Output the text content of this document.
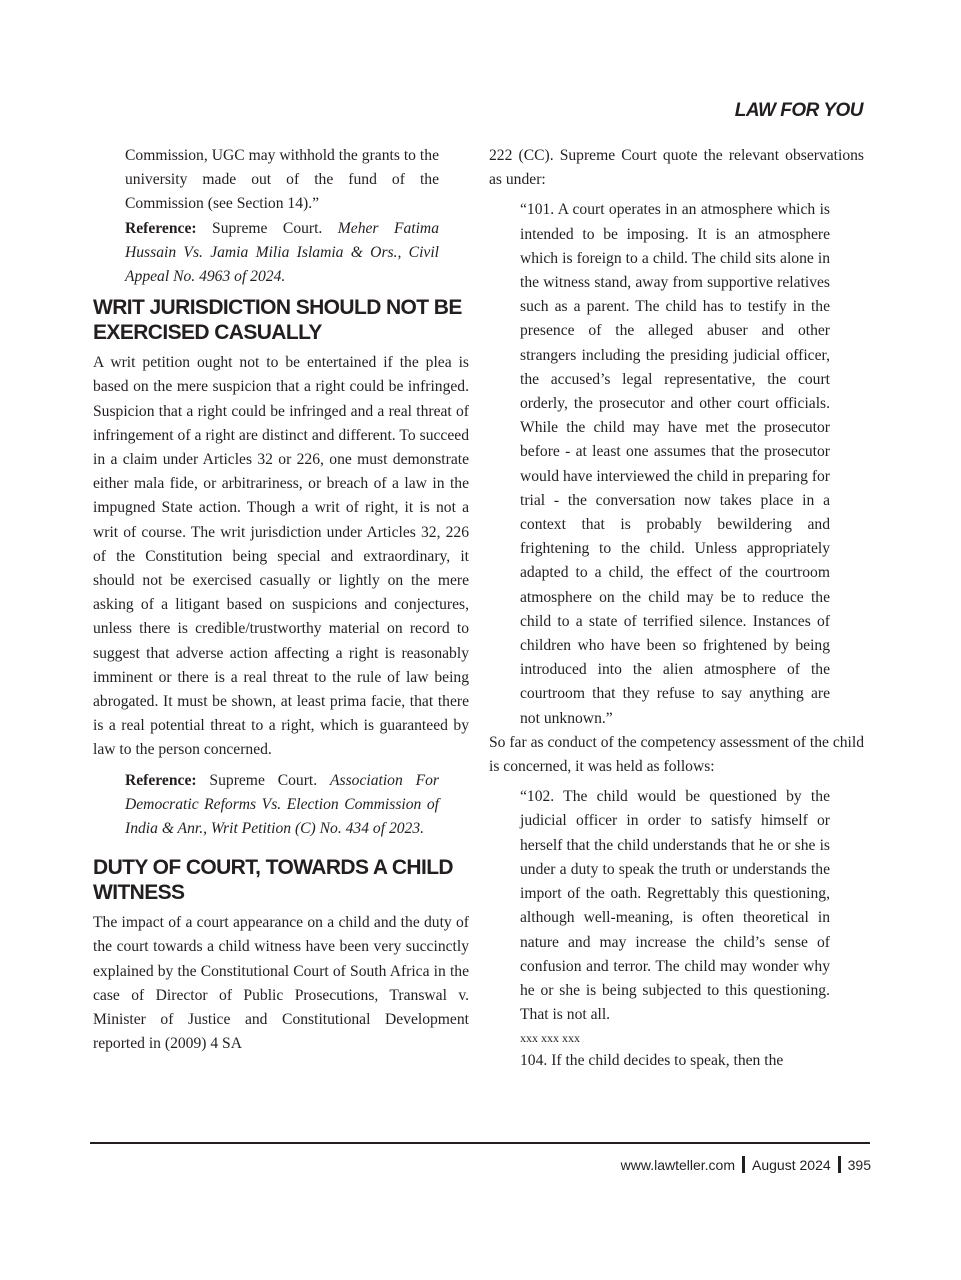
LAW FOR YOU

Commission, UGC may withhold the grants to the university made out of the fund of the Commission (see Section 14).”

Reference: Supreme Court. Meher Fatima Hussain Vs. Jamia Milia Islamia & Ors., Civil Appeal No. 4963 of 2024.

WRIT JURISDICTION SHOULD NOT BE EXERCISED CASUALLY

A writ petition ought not to be entertained if the plea is based on the mere suspicion that a right could be infringed. Suspicion that a right could be infringed and a real threat of infringement of a right are distinct and different. To succeed in a claim under Articles 32 or 226, one must demonstrate either mala fide, or arbitrariness, or breach of a law in the impugned State action. Though a writ of right, it is not a writ of course. The writ jurisdiction under Articles 32, 226 of the Constitution being special and extraordinary, it should not be exercised casually or lightly on the mere asking of a litigant based on suspicions and conjectures, unless there is credible/trustworthy material on record to suggest that adverse action affecting a right is reasonably imminent or there is a real threat to the rule of law being abrogated. It must be shown, at least prima facie, that there is a real potential threat to a right, which is guaranteed by law to the person concerned.

Reference: Supreme Court. Association For Democratic Reforms Vs. Election Commission of India & Anr., Writ Petition (C) No. 434 of 2023.

DUTY OF COURT, TOWARDS A CHILD WITNESS

The impact of a court appearance on a child and the duty of the court towards a child witness have been very succinctly explained by the Constitutional Court of South Africa in the case of Director of Public Prosecutions, Transwal v. Minister of Justice and Constitutional Development reported in (2009) 4 SA

222 (CC). Supreme Court quote the relevant observations as under:

“101. A court operates in an atmosphere which is intended to be imposing. It is an atmosphere which is foreign to a child. The child sits alone in the witness stand, away from supportive relatives such as a parent. The child has to testify in the presence of the alleged abuser and other strangers including the presiding judicial officer, the accused’s legal representative, the court orderly, the prosecutor and other court officials. While the child may have met the prosecutor before - at least one assumes that the prosecutor would have interviewed the child in preparing for trial - the conversation now takes place in a context that is probably bewildering and frightening to the child. Unless appropriately adapted to a child, the effect of the courtroom atmosphere on the child may be to reduce the child to a state of terrified silence. Instances of children who have been so frightened by being introduced into the alien atmosphere of the courtroom that they refuse to say anything are not unknown.”

So far as conduct of the competency assessment of the child is concerned, it was held as follows:

“102. The child would be questioned by the judicial officer in order to satisfy himself or herself that the child understands that he or she is under a duty to speak the truth or understands the import of the oath. Regrettably this questioning, although well-meaning, is often theoretical in nature and may increase the child’s sense of confusion and terror. The child may wonder why he or she is being subjected to this questioning. That is not all.

xxx xxx xxx

104. If the child decides to speak, then the

www.lawteller.com August 2024 395
